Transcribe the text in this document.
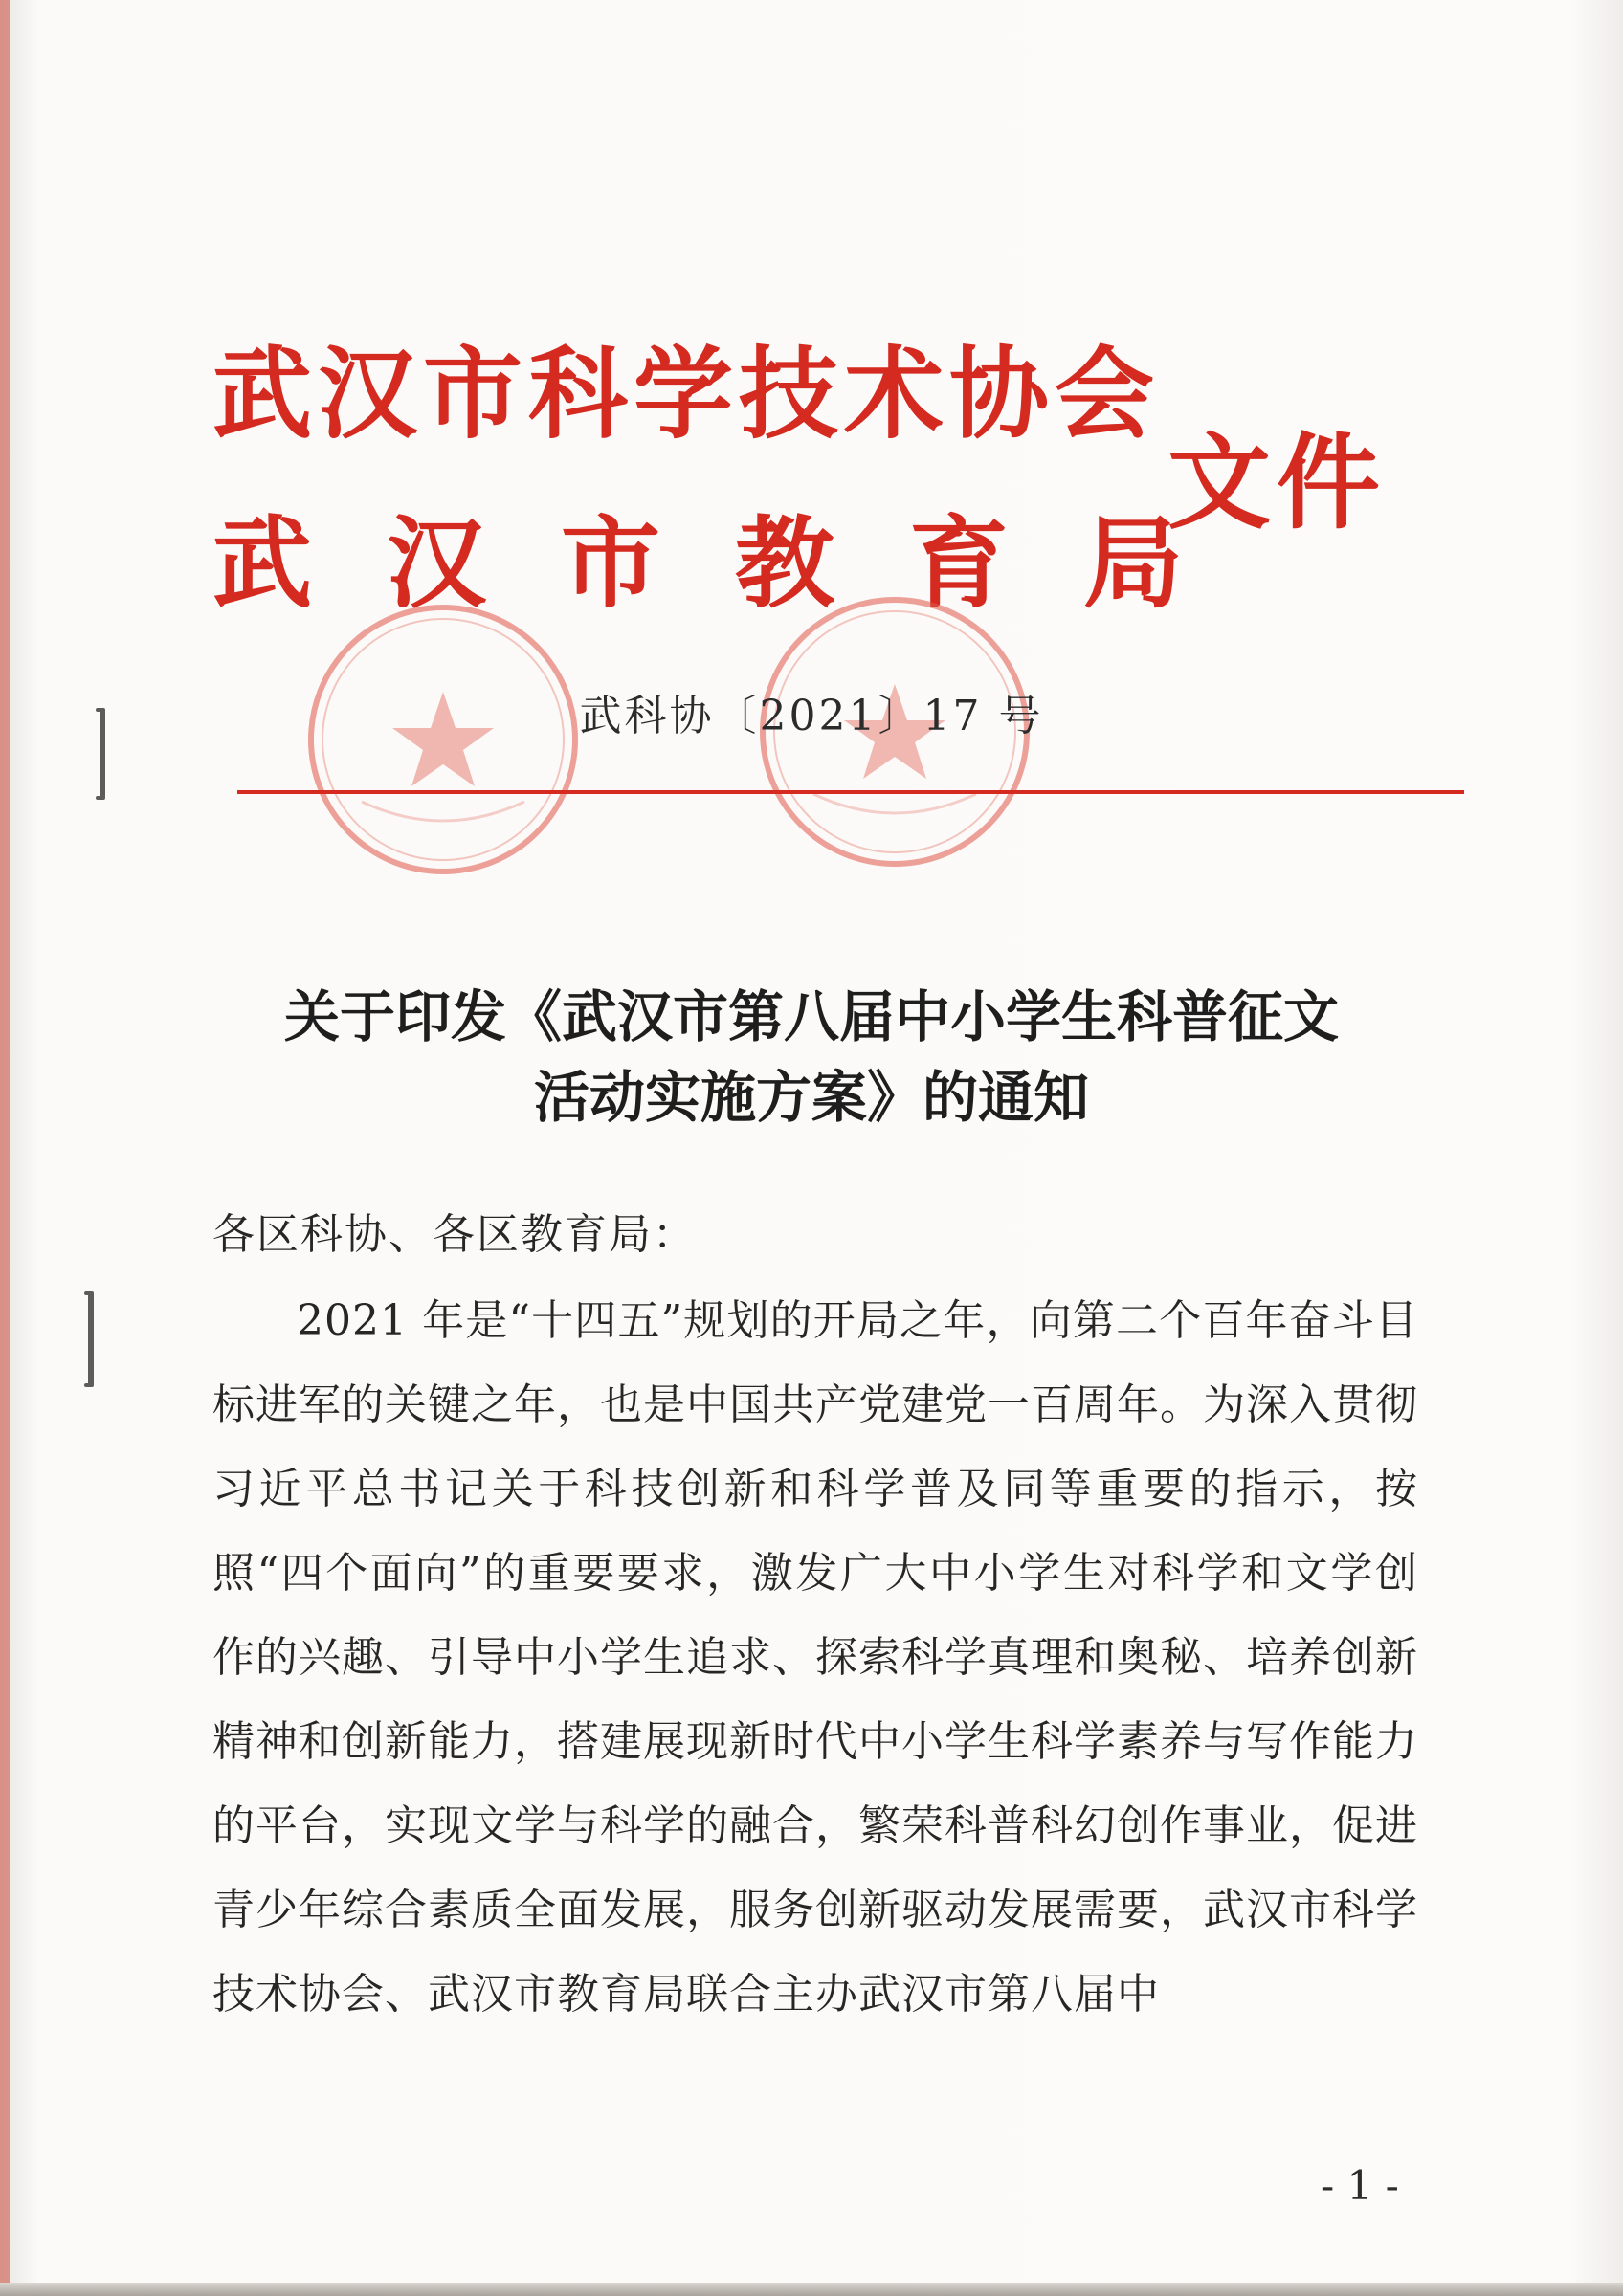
武汉市科学技术协会
武汉市教育局
文件
武科协〔2021〕17 号
关于印发《武汉市第八届中小学生科普征文
活动实施方案》的通知
各区科协、各区教育局：
2021 年是“十四五”规划的开局之年，向第二个百年奋斗目标进军的关键之年，也是中国共产党建党一百周年。为深入贯彻习近平总书记关于科技创新和科学普及同等重要的指示，按照“四个面向”的重要要求，激发广大中小学生对科学和文学创作的兴趣、引导中小学生追求、探索科学真理和奥秘、培养创新精神和创新能力，搭建展现新时代中小学生科学素养与写作能力的平台，实现文学与科学的融合，繁荣科普科幻创作事业，促进青少年综合素质全面发展，服务创新驱动发展需要，武汉市科学技术协会、武汉市教育局联合主办武汉市第八届中
- 1 -
